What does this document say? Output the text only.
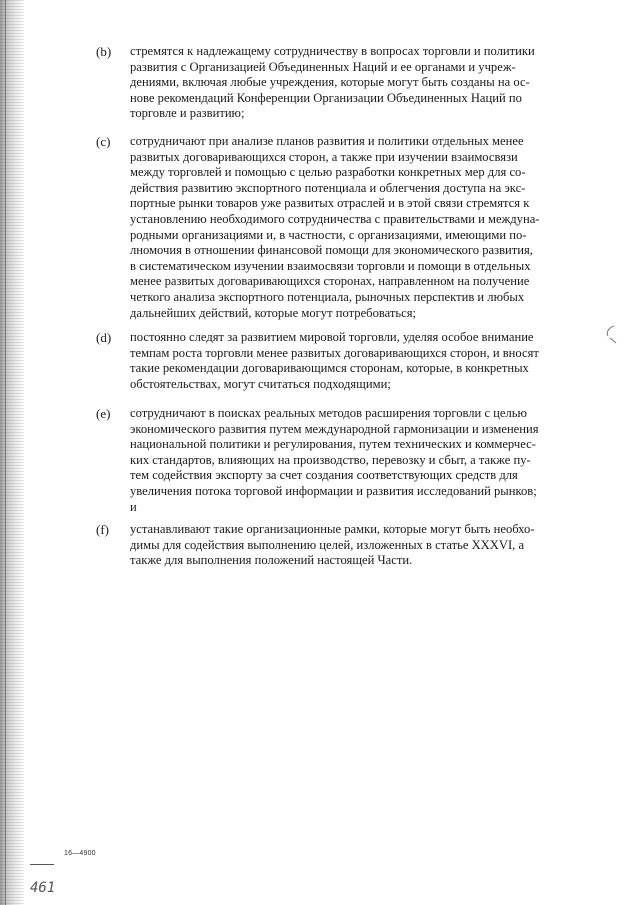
(b) стремятся к надлежащему сотрудничеству в вопросах торговли и политики
развития с Организацией Объединенных Наций и ее органами и учреж-
дениями, включая любые учреждения, которые могут быть созданы на ос-
нове рекомендаций Конференции Организации Объединенных Наций по
торговле и развитию;
(c) сотрудничают при анализе планов развития и политики отдельных менее
развитых договаривающихся сторон, а также при изучении взаимосвязи
между торговлей и помощью с целью разработки конкретных мер для со-
действия развитию экспортного потенциала и облегчения доступа на экс-
портные рынки товаров уже развитых отраслей и в этой связи стремятся к
установлению необходимого сотрудничества с правительствами и междуна-
родными организациями и, в частности, с организациями, имеющими по-
лномочия в отношении финансовой помощи для экономического развития,
в систематическом изучении взаимосвязи торговли и помощи в отдельных
менее развитых договаривающихся сторонах, направленном на получение
четкого анализа экспортного потенциала, рыночных перспектив и любых
дальнейших действий, которые могут потребоваться;
(d) постоянно следят за развитием мировой торговли, уделяя особое внимание
темпам роста торговли менее развитых договаривающихся сторон, и вносят
такие рекомендации договаривающимся сторонам, которые, в конкретных
обстоятельствах, могут считаться подходящими;
(e) сотрудничают в поисках реальных методов расширения торговли с целью
экономического развития путем международной гармонизации и изменения
национальной политики и регулирования, путем технических и коммерчес-
ких стандартов, влияющих на производство, перевозку и сбыт, а также пу-
тем содействия экспорту за счет создания соответствующих средств для
увеличения потока торговой информации и развития исследований рынков;
и
(f) устанавливают такие организационные рамки, которые могут быть необхо-
димы для содействия выполнению целей, изложенных в статье XXXVI, а
также для выполнения положений настоящей Части.
16—4900
461
